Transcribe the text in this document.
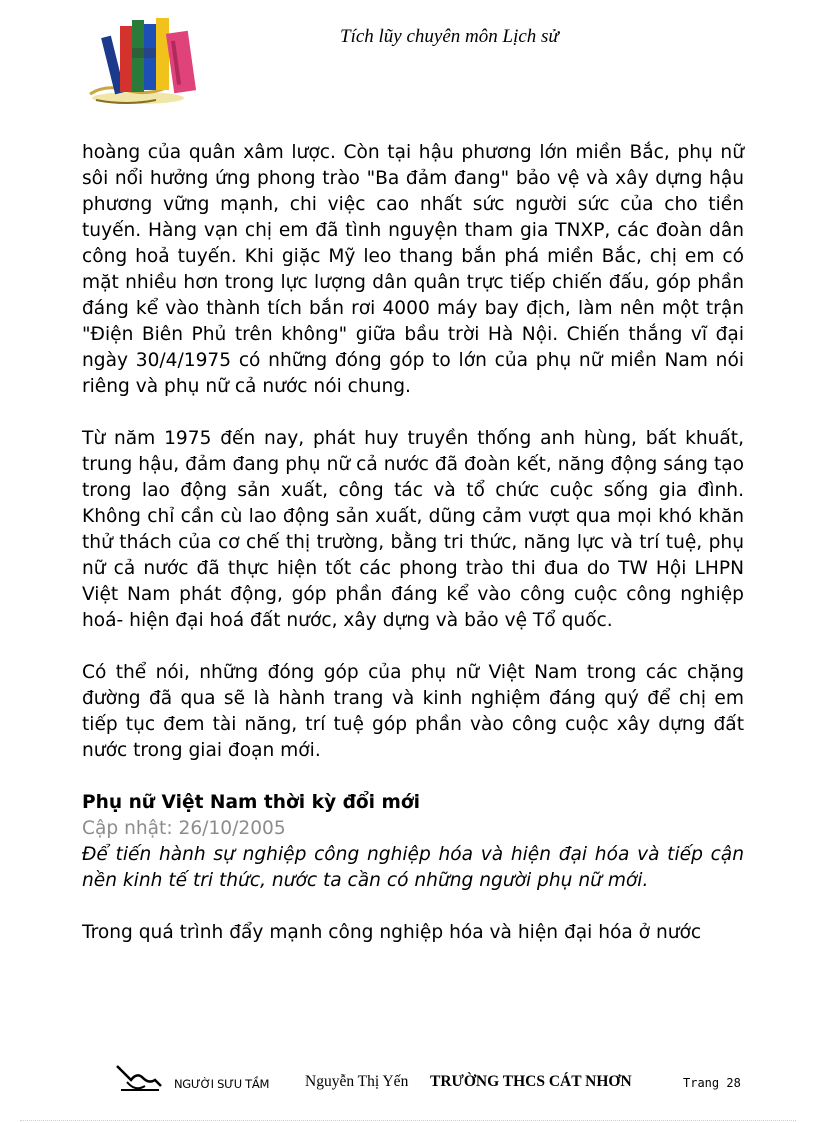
Tích lũy chuyên môn Lịch sử

hoàng của quân xâm lược. Còn tại hậu phương lớn miền Bắc, phụ nữ sôi nổi hưởng ứng phong trào "Ba đảm đang" bảo vệ và xây dựng hậu phương vững mạnh, chi việc cao nhất sức người sức của cho tiền tuyến. Hàng vạn chị em đã tình nguyện tham gia TNXP, các đoàn dân công hoả tuyến. Khi giặc Mỹ leo thang bắn phá miền Bắc, chị em có mặt nhiều hơn trong lực lượng dân quân trực tiếp chiến đấu, góp phần đáng kể vào thành tích bắn rơi 4000 máy bay địch, làm nên một trận "Điện Biên Phủ trên không" giữa bầu trời Hà Nội. Chiến thắng vĩ đại ngày 30/4/1975 có những đóng góp to lớn của phụ nữ miền Nam nói riêng và phụ nữ cả nước nói chung.

Từ năm 1975 đến nay, phát huy truyền thống anh hùng, bất khuất, trung hậu, đảm đang phụ nữ cả nước đã đoàn kết, năng động sáng tạo trong lao động sản xuất, công tác và tổ chức cuộc sống gia đình. Không chỉ cần cù lao động sản xuất, dũng cảm vượt qua mọi khó khăn thử thách của cơ chế thị trường, bằng tri thức, năng lực và trí tuệ, phụ nữ cả nước đã thực hiện tốt các phong trào thi đua do TW Hội LHPN Việt Nam phát động, góp phần đáng kể vào công cuộc công nghiệp hoá- hiện đại hoá đất nước, xây dựng và bảo vệ Tổ quốc.

Có thể nói, những đóng góp của phụ nữ Việt Nam trong các chặng đường đã qua sẽ là hành trang và kinh nghiệm đáng quý để chị em tiếp tục đem tài năng, trí tuệ góp phần vào công cuộc xây dựng đất nước trong giai đoạn mới.

Phụ nữ Việt Nam thời kỳ đổi mới

Cập nhật: 26/10/2005

Để tiến hành sự nghiệp công nghiệp hóa và hiện đại hóa và tiếp cận nền kinh tế tri thức, nước ta cần có những người phụ nữ mới.

Trong quá trình đẩy mạnh công nghiệp hóa và hiện đại hóa ở nước

NGƯỜI SƯU TẦM Nguyễn Thị Yến TRƯỜNG THCS CÁT NHƠN	Trang 28
